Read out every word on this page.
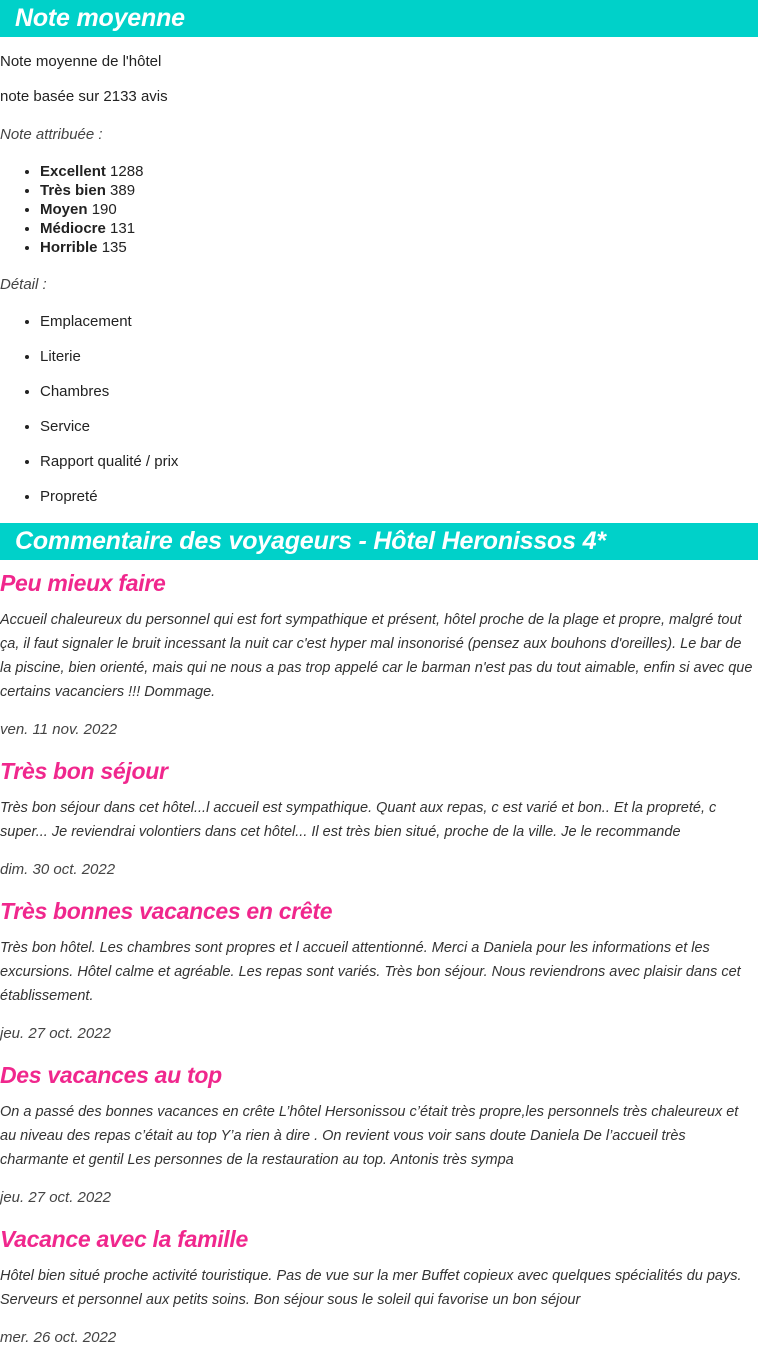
Note moyenne

Note moyenne de l'hôtel

note basée sur 2133 avis

Note attribuée :

• Excellent 1288
• Très bien 389
• Moyen 190
• Médiocre 131
• Horrible 135

Détail :

• Emplacement
• Literie
• Chambres
• Service
• Rapport qualité / prix
• Propreté
Commentaire des voyageurs - Hôtel Heronissos 4*
Peu mieux faire

Accueil chaleureux du personnel qui est fort sympathique et présent, hôtel proche de la plage et propre, malgré tout ça, il faut signaler le bruit incessant la nuit car c'est hyper mal insonorisé (pensez aux bouhons d'oreilles). Le bar de la piscine, bien orienté, mais qui ne nous a pas trop appelé car le barman n'est pas du tout aimable, enfin si avec que certains vacanciers !!! Dommage.

ven. 11 nov. 2022

Très bon séjour

Très bon séjour dans cet hôtel...l accueil est sympathique. Quant aux repas, c est varié et bon.. Et la propreté, c super... Je reviendrai volontiers dans cet hôtel... Il est très bien situé, proche de la ville. Je le recommande

dim. 30 oct. 2022

Très bonnes vacances en crête

Très bon hôtel. Les chambres sont propres et l accueil attentionné. Merci a Daniela pour les informations et les excursions. Hôtel calme et agréable. Les repas sont variés. Très bon séjour. Nous reviendrons avec plaisir dans cet établissement.

jeu. 27 oct. 2022

Des vacances au top

On a passé des bonnes vacances en crête L’hôtel Hersonissou c’était très propre,les personnels très chaleureux et au niveau des repas c’était au top Y’a rien à dire . On revient vous voir sans doute Daniela De l’accueil très charmante et gentil Les personnes de la restauration au top. Antonis très sympa

jeu. 27 oct. 2022

Vacance avec la famille

Hôtel bien situé proche activité touristique. Pas de vue sur la mer Buffet copieux avec quelques spécialités du pays. Serveurs et personnel aux petits soins. Bon séjour sous le soleil qui favorise un bon séjour

mer. 26 oct. 2022
